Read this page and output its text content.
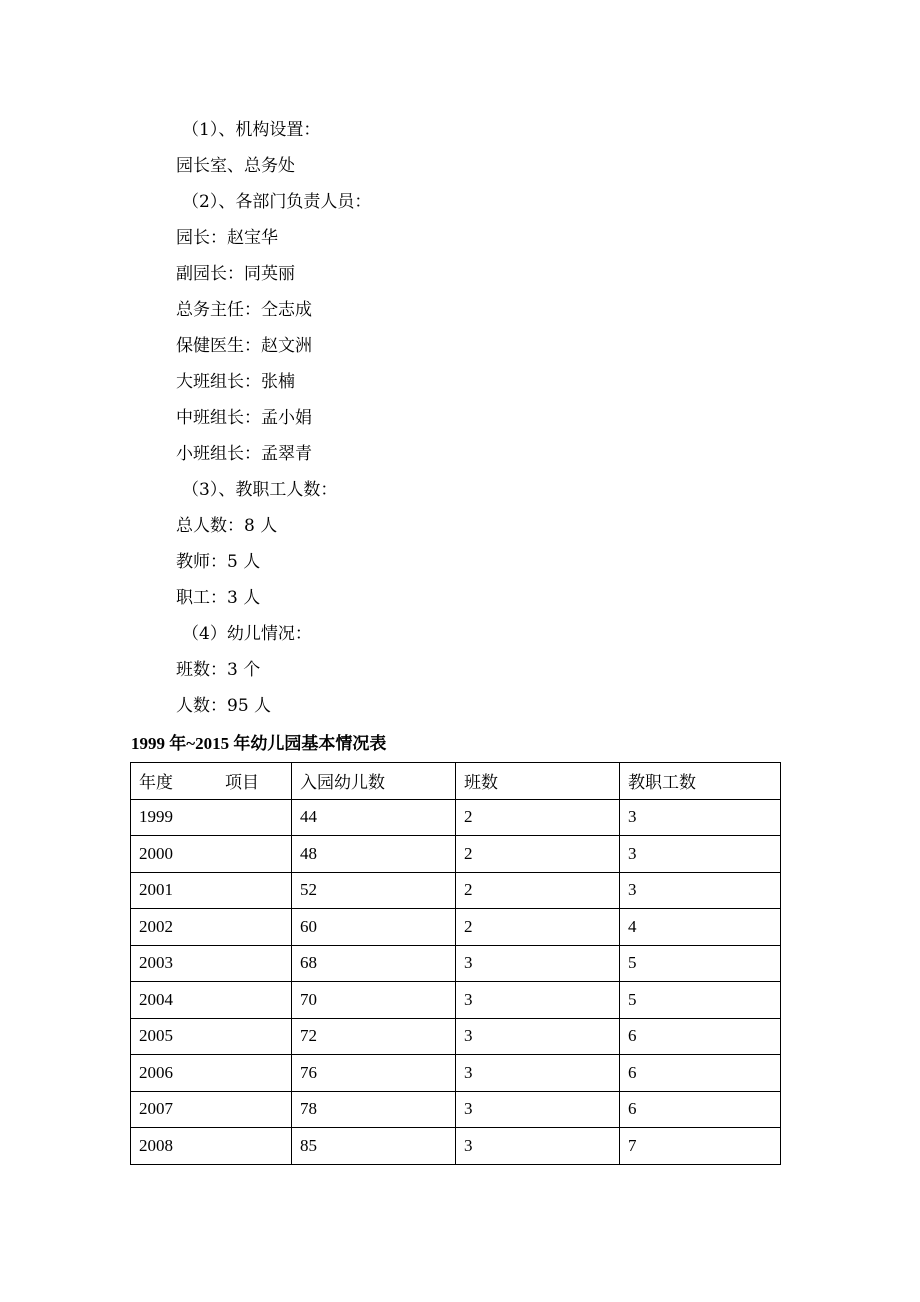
（1）、机构设置：
园长室、总务处
（2）、各部门负责人员：
园长：赵宝华
副园长：同英丽
总务主任：仝志成
保健医生：赵文洲
大班组长：张楠
中班组长：孟小娟
小班组长：孟翠青
（3）、教职工人数：
总人数：8 人
教师：5 人
职工：3 人
（4）幼儿情况：
班数：3 个
人数：95 人
1999 年~2015 年幼儿园基本情况表
年度 项目	入园幼儿数	班数	教职工数
1999	44	2	3
2000	48	2	3
2001	52	2	3
2002	60	2	4
2003	68	3	5
2004	70	3	5
2005	72	3	6
2006	76	3	6
2007	78	3	6
2008	85	3	7
